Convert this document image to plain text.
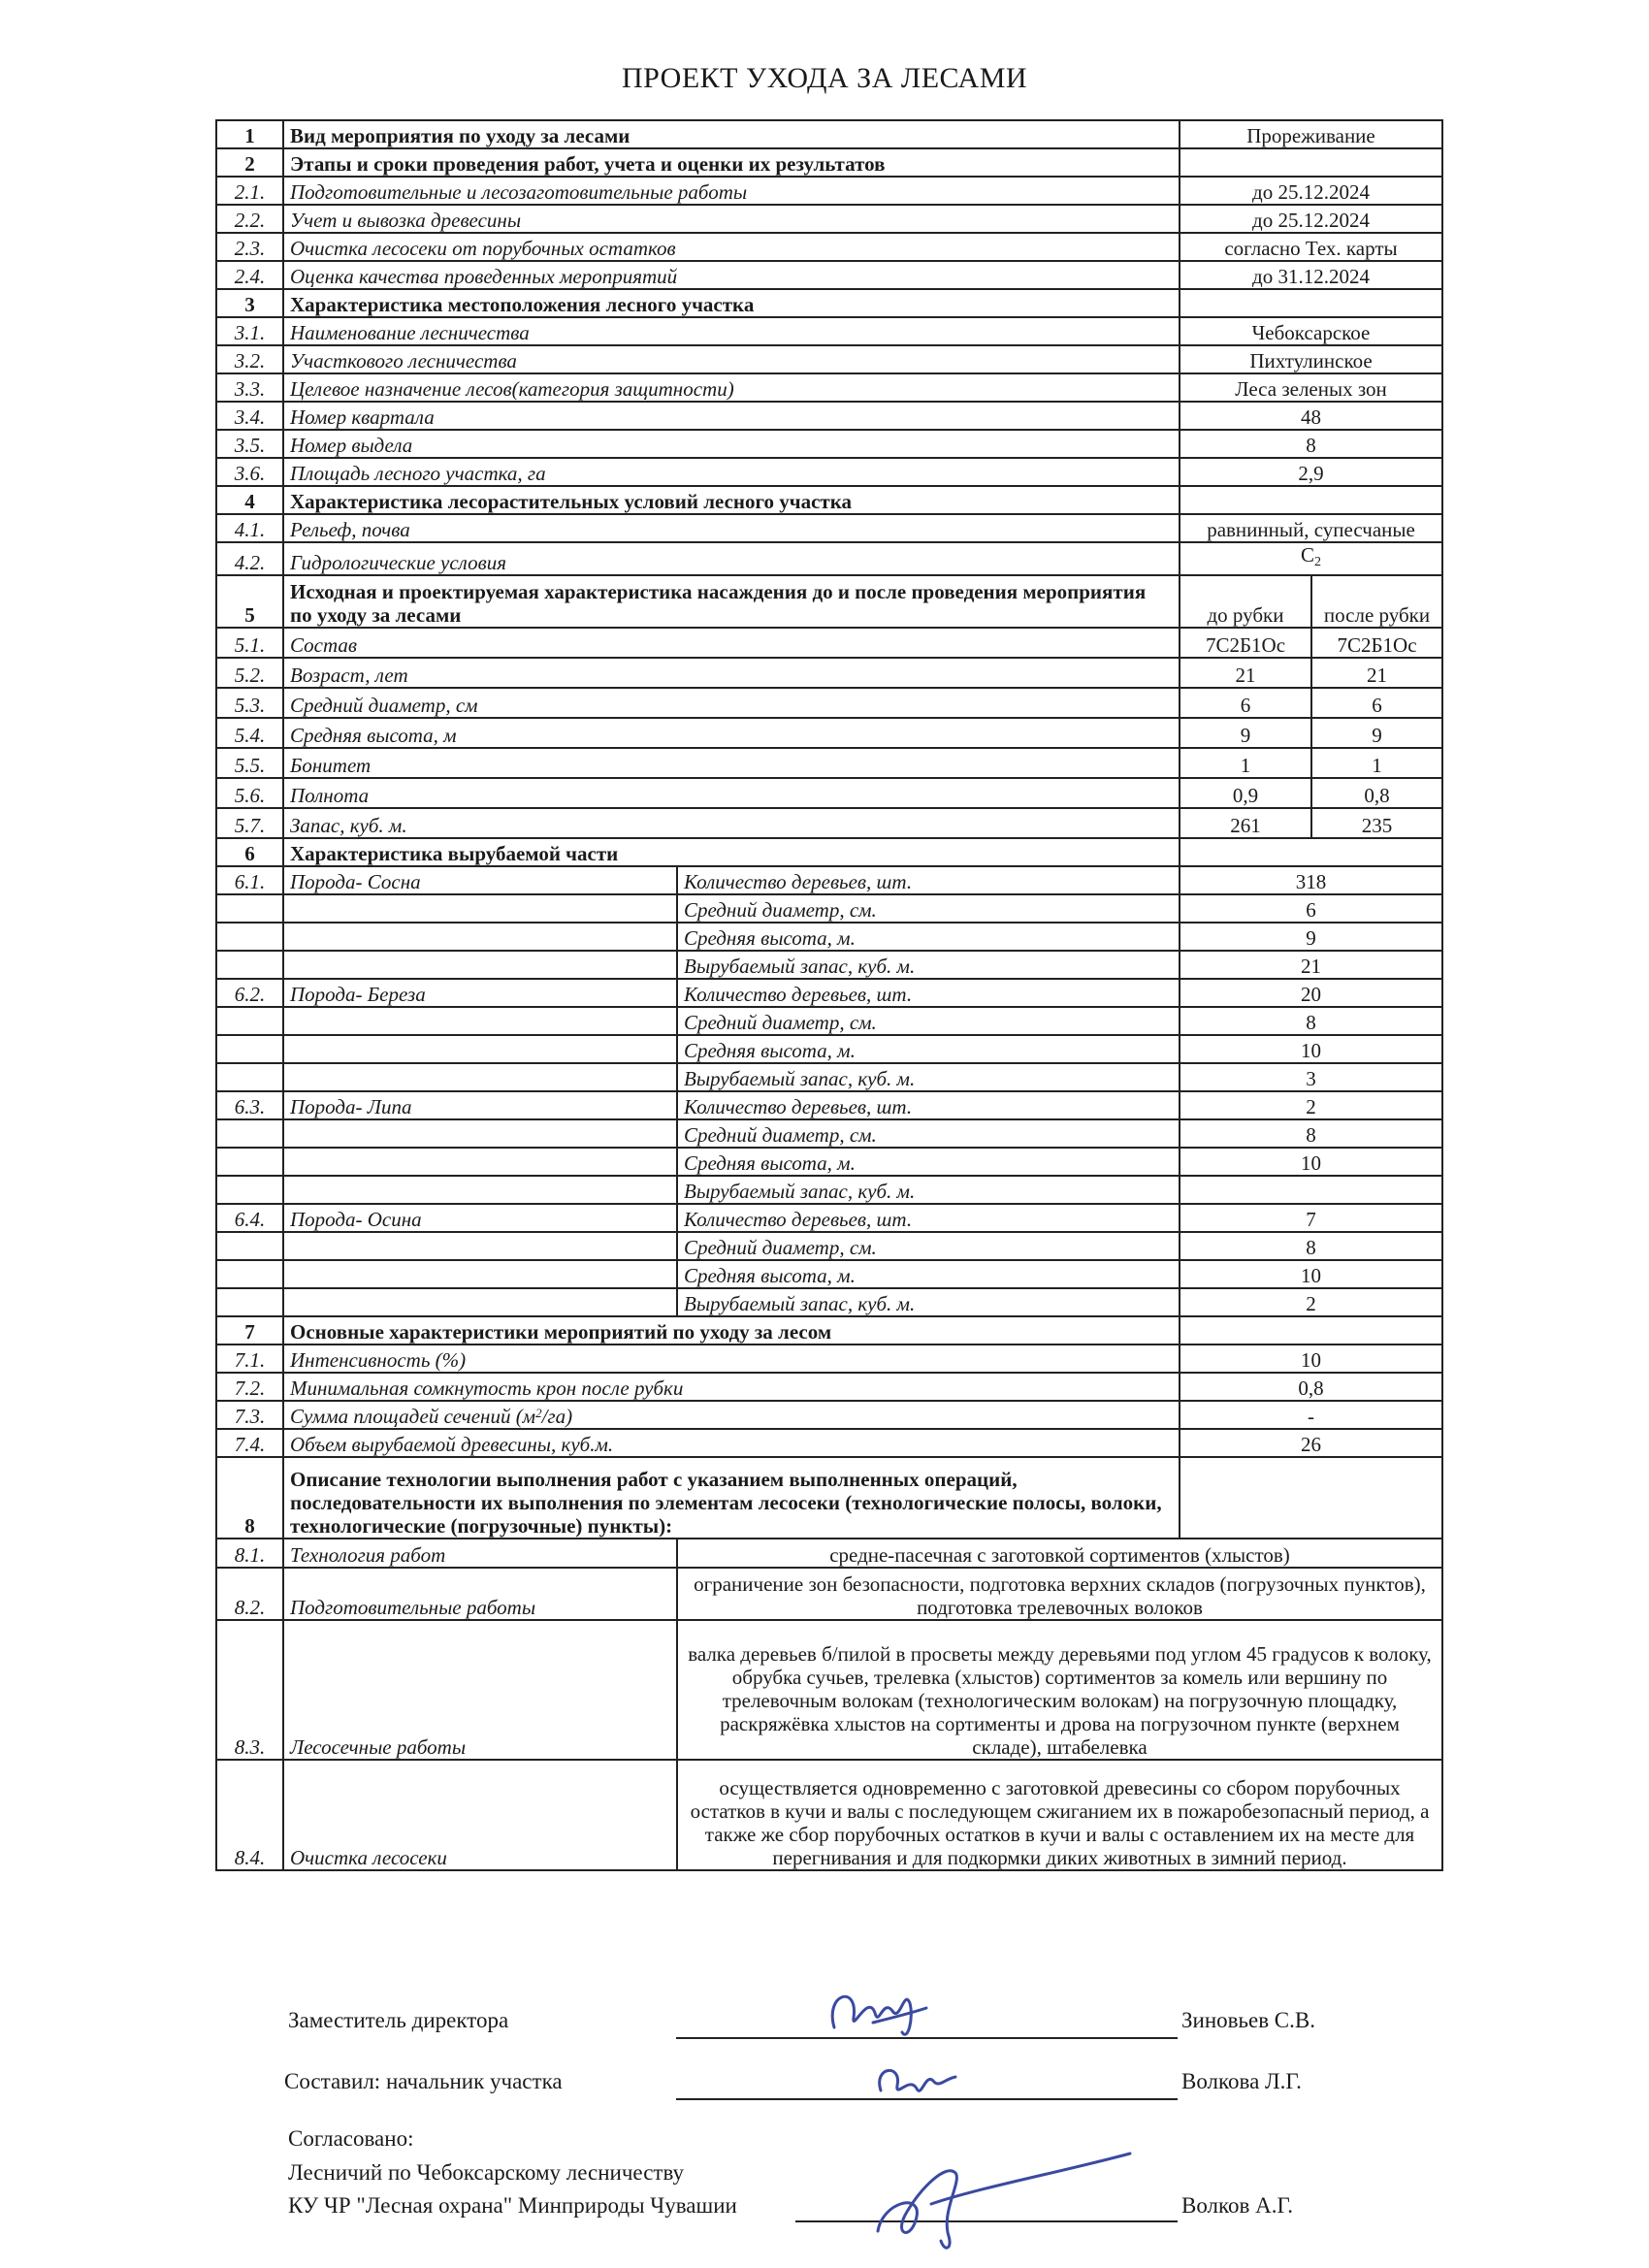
ПРОЕКТ УХОДА ЗА ЛЕСАМИ
1	Вид мероприятия по уходу за лесами		Прореживание	
2	Этапы и сроки проведения работ, учета и оценки их результатов			
2.1.	Подготовительные и лесозаготовительные работы		до 25.12.2024	
2.2.	Учет и вывозка древесины		до 25.12.2024	
2.3.	Очистка лесосеки от порубочных остатков		согласно Тех. карты	
2.4.	Оценка качества проведенных мероприятий		до 31.12.2024	
3	Характеристика местоположения лесного участка			
3.1.	Наименование лесничества		Чебоксарское	
3.2.	Участкового лесничества		Пихтулинское	
3.3.	Целевое назначение лесов(категория защитности)		Леса зеленых зон	
3.4.	Номер квартала		48	
3.5.	Номер выдела		8	
3.6.	Площадь лесного участка, га		2,9	
4	Характеристика лесорастительных условий лесного участка			
4.1.	Рельеф, почва		равнинный, супесчаные	
4.2.	Гидрологические условия		$C_2$
5	Исходная и проектируемая характеристика насаждения до и после проведения мероприятия по уходу за лесами		до рубки	после рубки
5.1.	Состав		7С2Б1Ос	7С2Б1Ос
5.2.	Возраст, лет		21	21
5.3.	Средний диаметр, см		6	6
5.4.	Средняя высота, м		9	9
5.5.	Бонитет		1	1
5.6.	Полнота		0,9	0,8
5.7.	Запас, куб. м.		261	235
6	Характеристика вырубаемой части			
6.1.	Порода- Сосна	Количество деревьев, шт.	318	
		Средний диаметр, см.	6	
		Средняя высота, м.	9	
		Вырубаемый запас, куб. м.	21	
6.2.	Порода- Береза	Количество деревьев, шт.	20	
		Средний диаметр, см.	8	
		Средняя высота, м.	10	
		Вырубаемый запас, куб. м.	3	
6.3.	Порода- Липа	Количество деревьев, шт.	2	
		Средний диаметр, см.	8	
		Средняя высота, м.	10	
		Вырубаемый запас, куб. м.		
6.4.	Порода- Осина	Количество деревьев, шт.	7	
		Средний диаметр, см.	8	
		Средняя высота, м.	10	
		Вырубаемый запас, куб. м.	2	
7	Основные характеристики мероприятий по уходу за лесом			
7.1.	Интенсивность (%)		10	
7.2.	Минимальная сомкнутость крон после рубки		0,8	
7.3.	Сумма площадей сечений $(м^2/га)$		-	
7.4.	Объем вырубаемой древесины, куб.м.		26	
8	Описание технологии выполнения работ с указанием выполненных операций, последовательности их выполнения по элементам лесосеки (технологические полосы, волоки, технологические (погрузочные) пункты):			
8.1.	Технология работ	средне-пасечная с заготовкой сортиментов (хлыстов)		
8.2.	Подготовительные работы	ограничение зон безопасности, подготовка верхних складов (погрузочных пунктов), подготовка трелевочных волоков		
8.3.	Лесосечные работы	валка деревьев б/пилой в просветы между деревьями под углом 45 градусов к волоку, обрубка сучьев, трелевка (хлыстов) сортиментов за комель или вершину по трелевочным волокам (технологическим волокам) на погрузочную площадку, раскряжёвка хлыстов на сортименты и дрова на погрузочном пункте (верхнем складе), штабелевка		
8.4.	Очистка лесосеки	осуществляется одновременно с заготовкой древесины со сбором порубочных остатков в кучи и валы с последующем сжиганием их в пожаробезопасный период, а также же сбор порубочных остатков в кучи и валы с оставлением их на месте для перегнивания и для подкормки диких животных в зимний период.		
Заместитель директора	Зиновьев С.В.
Составил: начальник участка	Волкова Л.Г.
Согласовано:
Лесничий по Чебоксарскому лесничеству
КУ ЧР "Лесная охрана" Минприроды Чувашии	Волков А.Г.
